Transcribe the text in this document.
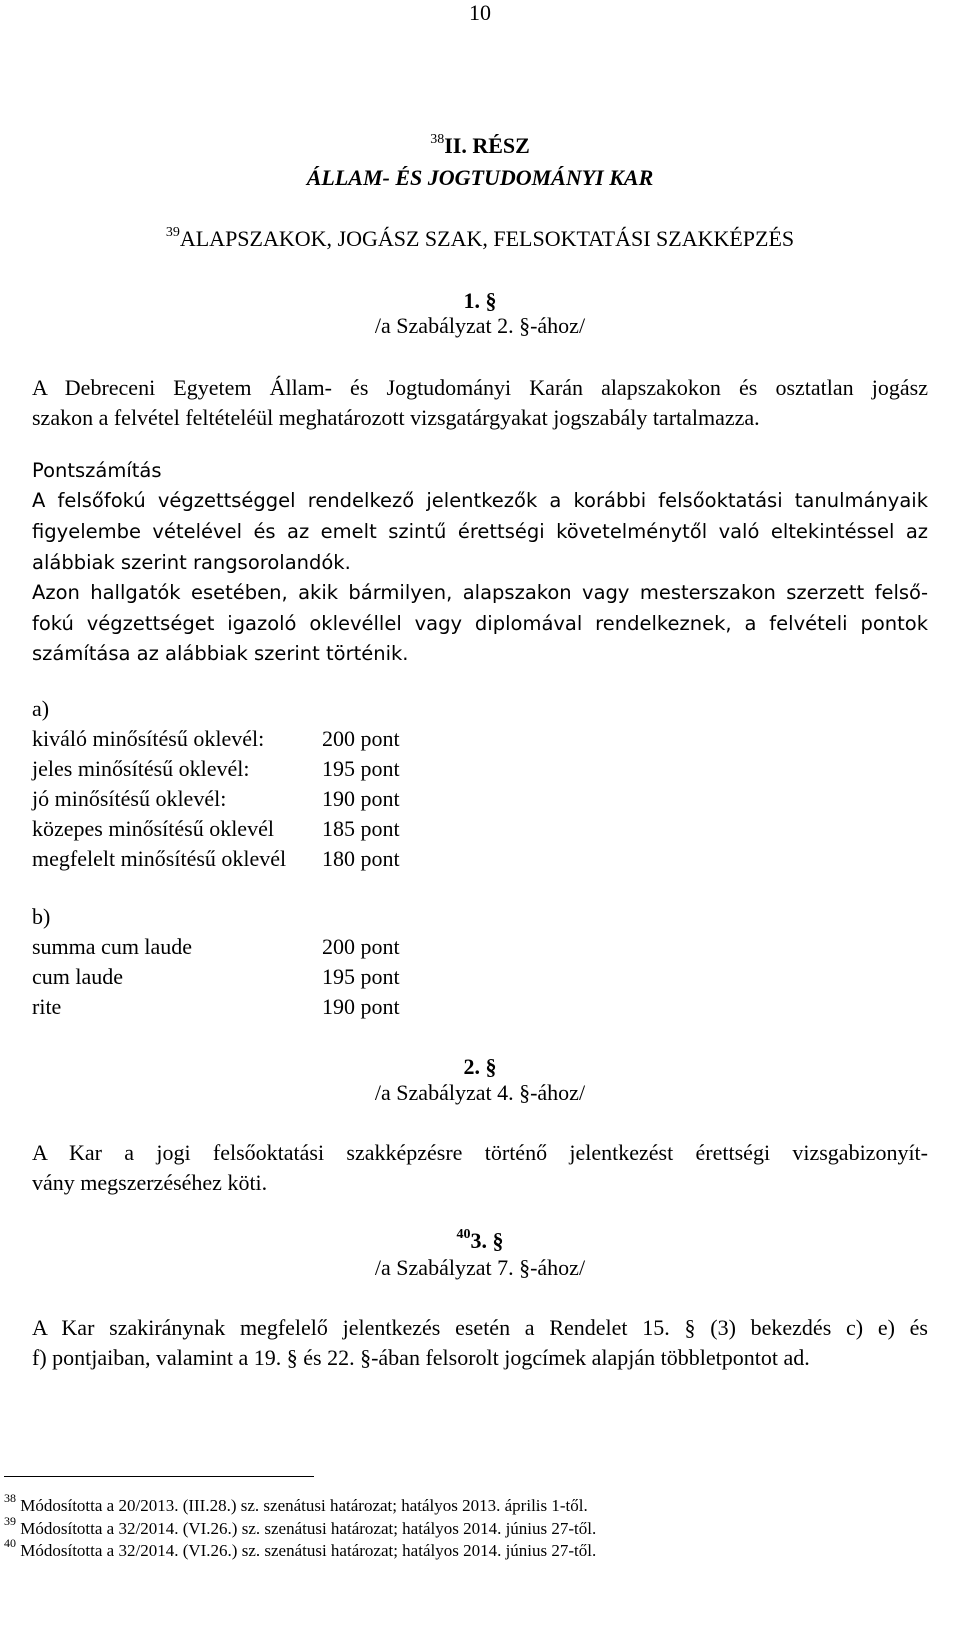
10
$^{38}$II. RÉSZ
ÁLLAM- ÉS JOGTUDOMÁNYI KAR
$^{39}$ALAPSZAKOK, JOGÁSZ SZAK, FELSOKTATÁSI SZAKKÉPZÉS
1. §
/a Szabályzat 2. §-ához/
A Debreceni Egyetem Állam- és Jogtudományi Karán alapszakokon és osztatlan jogász
szakon a felvétel feltételéül meghatározott vizsgatárgyakat jogszabály tartalmazza.
Pontszámítás
A felsőfokú végzettséggel rendelkező jelentkezők a korábbi felsőoktatási tanulmányaik
figyelembe vételével és az emelt szintű érettségi követelménytől való eltekintéssel az
alábbiak szerint rangsorolandók.
Azon hallgatók esetében, akik bármilyen, alapszakon vagy mesterszakon szerzett felső-
fokú végzettséget igazoló oklevéllel vagy diplomával rendelkeznek, a felvételi pontok
számítása az alábbiak szerint történik.
a)
kiváló minősítésű oklevél:	200 pont
jeles minősítésű oklevél:	195 pont
jó minősítésű oklevél:	190 pont
közepes minősítésű oklevél 185 pont
megfelelt minősítésű oklevél 180 pont
b)
summa cum laude	200 pont
cum laude	195 pont
rite	190 pont
2. §
/a Szabályzat 4. §-ához/
A Kar a jogi felsőoktatási szakképzésre történő jelentkezést érettségi vizsgabizonyít-
vány megszerzéséhez köti.
$^{40}$3. §
/a Szabályzat 7. §-ához/
A Kar szakiránynak megfelelő jelentkezés esetén a Rendelet 15. § (3) bekezdés c) e) és
f) pontjaiban, valamint a 19. § és 22. §-ában felsorolt jogcímek alapján többletpontot ad.
$^{38}$ Módosította a 20/2013. (III.28.) sz. szenátusi határozat; hatályos 2013. április 1-től.
$^{39}$ Módosította a 32/2014. (VI.26.) sz. szenátusi határozat; hatályos 2014. június 27-től.
$^{40}$ Módosította a 32/2014. (VI.26.) sz. szenátusi határozat; hatályos 2014. június 27-től.
